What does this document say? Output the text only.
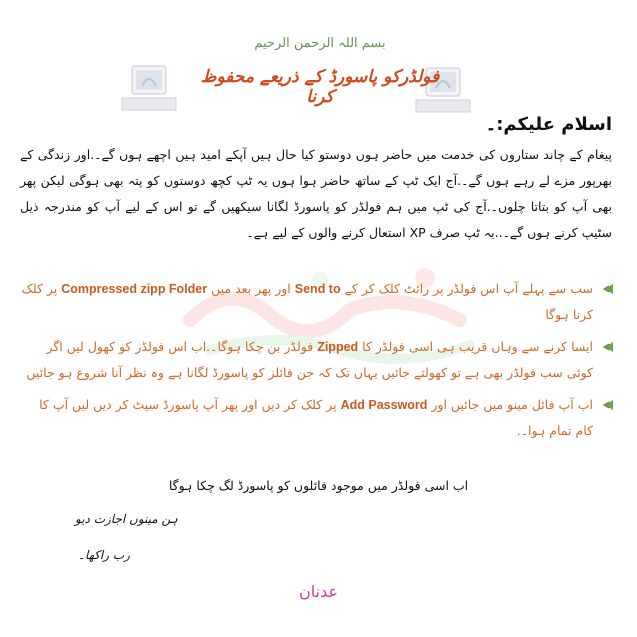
بسم اللہ الرحمن الرحیم
فولڈرکو پاسورڈ کے ذریعے محفوظ کرنا
اسلام علیکم:۔
پیغام کے چاند ستاروں کی خدمت میں حاضر ہوں دوستو کیا حال ہیں آپکے امید ہیں اچھے ہوں گے۔.اور زندگی کے بھرپور مزے لے رہے ہوں گے۔.آج ایک ٹپ کے ساتھ حاضر ہوا ہوں یہ ٹپ کچھ دوستوں کو پتہ بھی ہوگی لیکن پھر بھی آپ کو بتاتا چلوں۔.آج کی ٹپ میں ہم فولڈر کو پاسورڈ لگانا سیکھیں گے تو اس کے لیے آپ کو مندرجہ ذیل سٹیپ کرنے ہوں گے۔..یہ ٹپ صرف XP استعال کرنے والوں کے لیے ہے۔
سب سے پہلے آپ اس فولڈر پر رائٹ کلک کر کے Send to اور پھر بعد میں Compressed zipp Folder پر کلک کرنا ہوگا
ایسا کرنے سے وہاں قریب ہی اسی فولڈر کا Zipped فولڈر بن چکا ہوگا۔.اب اس فولڈر کو کھول لیں اگر کوئی سب فولڈر بھی ہے تو کھولتے جائیں یہاں تک کہ جن فائلز کو پاسورڈ لگانا ہے وہ نظر آنا شروع ہو جائیں
اب آپ فائل مینو میں جائیں اور Add Password پر کلک کر دیں اور پھر آپ پاسورڈ سیٹ کر دیں لیں آپ کا کام تمام ہوا۔.
اب اسی فولڈر میں موجود فائلوں کو پاسورڈ لگ چکا ہوگا
ہن مینوں اجازت دیو
رب راکھا۔
عدنان
